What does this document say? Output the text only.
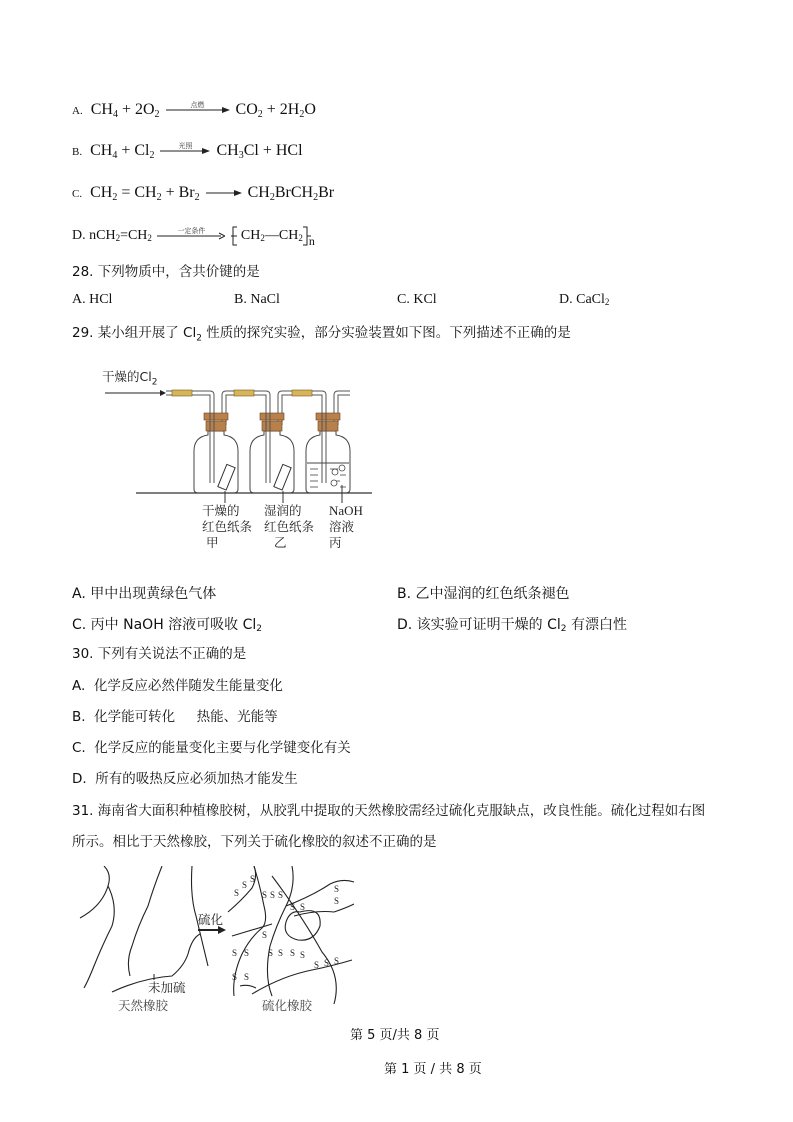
A. $CH_4 + 2O_2$
点燃	$CO_2 + 2H_2O$
B. $CH_4 + Cl_2$
光照	$CH_3Cl$ + HCl
C. $CH_2 = CH_2 + Br_2$ → $CH_2BrCH_2Br$
D. $nCH_2=CH_2$
一定条件
	$CH_2—CH_2$ $_n$
28. 下列物质中，含共价键的是
A. HCl	B. NaCl	C. KCl	D. CaCl$_2$
29. 某小组开展了 $Cl_2$ 性质的探究实验，部分实验装置如下图。下列描述不正确的是
干燥的$Cl_2$
干燥的
红色纸条
甲
湿润的
红色纸条
乙
NaOH
溶液
丙
A. 甲中出现黄绿色气体	B. 乙中湿润的红色纸条褪色
C. 丙中 NaOH 溶液可吸收 $Cl_2$	D. 该实验可证明干燥的 $Cl_2$ 有漂白性
30. 下列有关说法不正确的是
A.  化学反应必然伴随发生能量变化
B.  化学能可转化     热能、光能等
C.  化学反应的能量变化主要与化学键变化有关
D.  所有的吸热反应必须加热才能发生
31. 海南省大面积种植橡胶树，从胶乳中提取的天然橡胶需经过硫化克服缺点，改良性能。硫化过程如右图
所示。相比于天然橡胶，下列关于硫化橡胶的叙述不正确的是
S
S
S
S S S
S S
S
S
S
S S S S S S
S S S
S S
硫化
未加硫
天然橡胶	硫化橡胶
第 5 页/共 8 页
第 1 页 / 共 8 页
